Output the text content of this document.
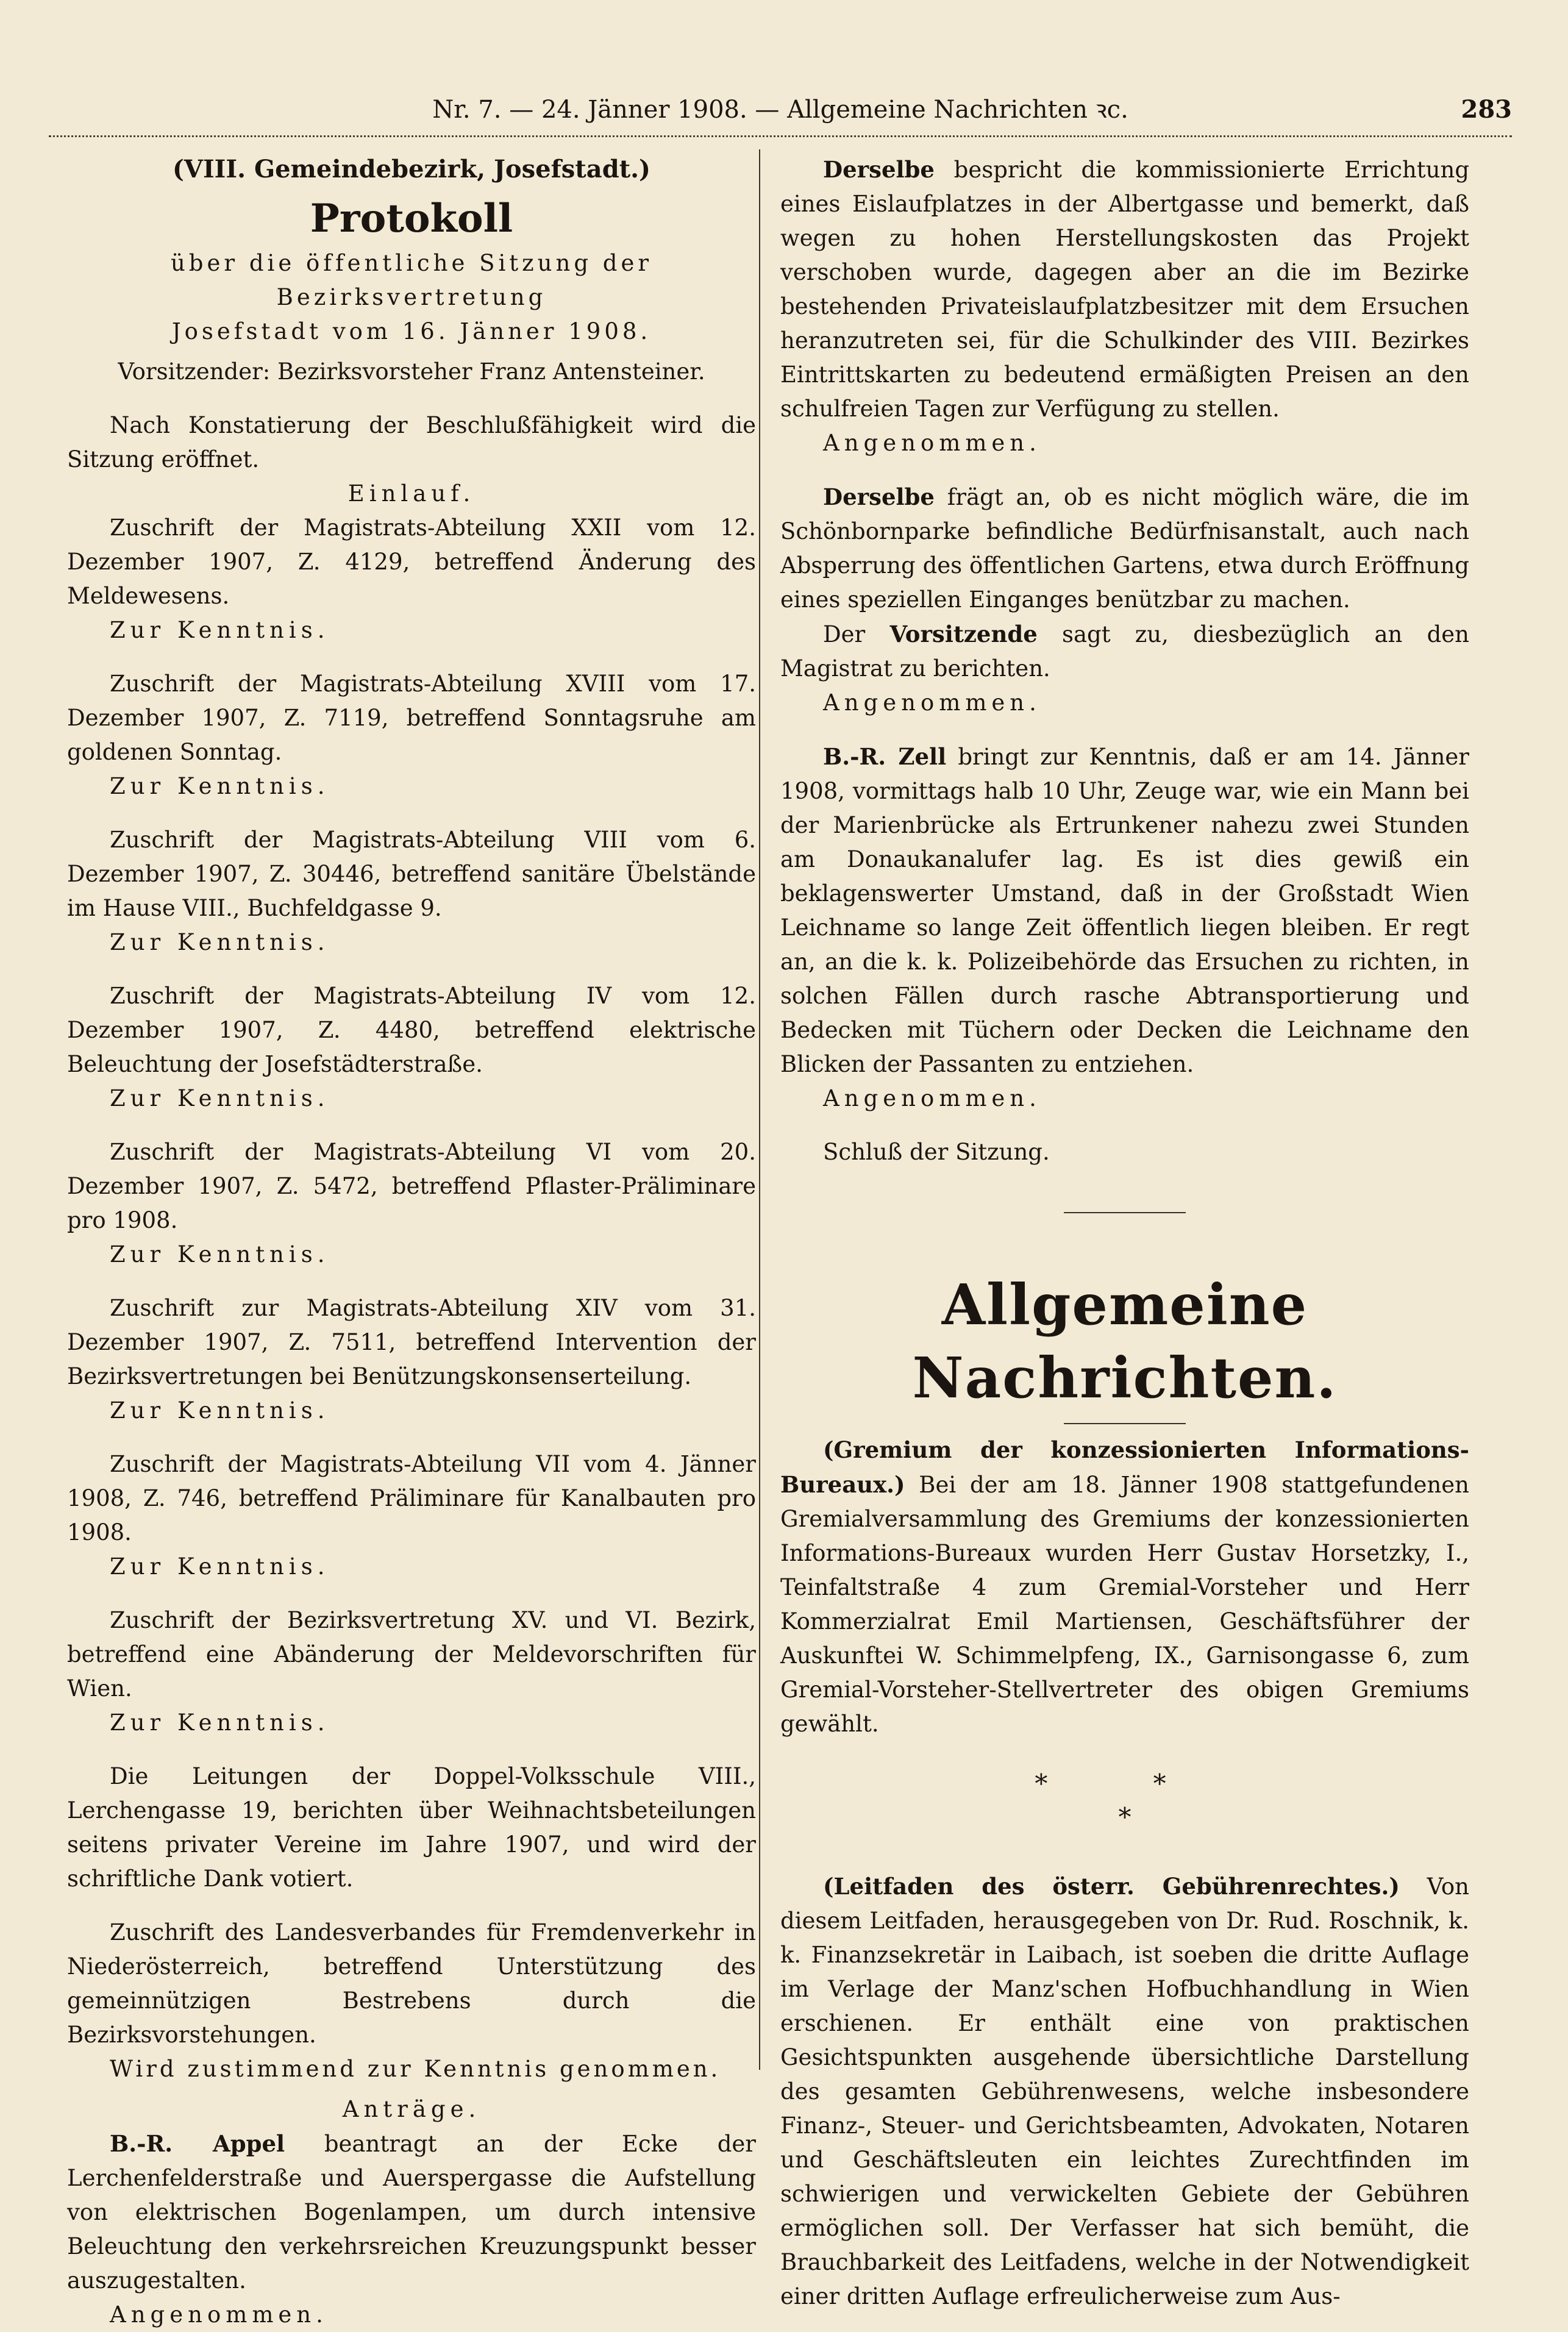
Nr. 7. — 24. Jänner 1908. — Allgemeine Nachrichten ꝛc.	283

(VIII. Gemeindebezirk, Josefstadt.)

Protokoll

über die öffentliche Sitzung der Bezirksvertretung

Josefstadt vom 16. Jänner 1908.

Vorsitzender: Bezirksvorsteher Franz Antensteiner.

Nach Konstatierung der Beschlußfähigkeit wird die Sitzung eröffnet.

Einlauf.

Zuschrift der Magistrats-Abteilung XXII vom 12. Dezember 1907, Z. 4129, betreffend Änderung des Meldewesens.

Zur Kenntnis.

Zuschrift der Magistrats-Abteilung XVIII vom 17. Dezember 1907, Z. 7119, betreffend Sonntagsruhe am goldenen Sonntag.

Zur Kenntnis.

Zuschrift der Magistrats-Abteilung VIII vom 6. Dezember 1907, Z. 30446, betreffend sanitäre Übelstände im Hause VIII., Buchfeldgasse 9.

Zur Kenntnis.

Zuschrift der Magistrats-Abteilung IV vom 12. Dezember 1907, Z. 4480, betreffend elektrische Beleuchtung der Josefstädterstraße.

Zur Kenntnis.

Zuschrift der Magistrats-Abteilung VI vom 20. Dezember 1907, Z. 5472, betreffend Pflaster-Präliminare pro 1908.

Zur Kenntnis.

Zuschrift zur Magistrats-Abteilung XIV vom 31. Dezember 1907, Z. 7511, betreffend Intervention der Bezirksvertretungen bei Benützungskonsenserteilung.

Zur Kenntnis.

Zuschrift der Magistrats-Abteilung VII vom 4. Jänner 1908, Z. 746, betreffend Präliminare für Kanalbauten pro 1908.

Zur Kenntnis.

Zuschrift der Bezirksvertretung XV. und VI. Bezirk, betreffend eine Abänderung der Meldevorschriften für Wien.

Zur Kenntnis.

Die Leitungen der Doppel-Volksschule VIII., Lerchengasse 19, berichten über Weihnachtsbeteilungen seitens privater Vereine im Jahre 1907, und wird der schriftliche Dank votiert.

Zuschrift des Landesverbandes für Fremdenverkehr in Niederösterreich, betreffend Unterstützung des gemeinnützigen Bestrebens durch die Bezirksvorstehungen.

Wird zustimmend zur Kenntnis genommen.

Anträge.

B.-R. Appel beantragt an der Ecke der Lerchenfelderstraße und Auerspergasse die Aufstellung von elektrischen Bogenlampen, um durch intensive Beleuchtung den verkehrsreichen Kreuzungspunkt besser auszugestalten.

Angenommen.

Derselbe bespricht die kommissionierte Errichtung eines Eislaufplatzes in der Albertgasse und bemerkt, daß wegen zu hohen Herstellungskosten das Projekt verschoben wurde, dagegen aber an die im Bezirke bestehenden Privateislaufplatzbesitzer mit dem Ersuchen heranzutreten sei, für die Schulkinder des VIII. Bezirkes Eintrittskarten zu bedeutend ermäßigten Preisen an den schulfreien Tagen zur Verfügung zu stellen.

Angenommen.

Derselbe frägt an, ob es nicht möglich wäre, die im Schönbornparke befindliche Bedürfnisanstalt, auch nach Absperrung des öffentlichen Gartens, etwa durch Eröffnung eines speziellen Einganges benützbar zu machen.

Der Vorsitzende sagt zu, diesbezüglich an den Magistrat zu berichten.

Angenommen.

B.-R. Zell bringt zur Kenntnis, daß er am 14. Jänner 1908, vormittags halb 10 Uhr, Zeuge war, wie ein Mann bei der Marienbrücke als Ertrunkener nahezu zwei Stunden am Donaukanalufer lag. Es ist dies gewiß ein beklagenswerter Umstand, daß in der Großstadt Wien Leichname so lange Zeit öffentlich liegen bleiben. Er regt an, an die k. k. Polizeibehörde das Ersuchen zu richten, in solchen Fällen durch rasche Abtransportierung und Bedecken mit Tüchern oder Decken die Leichname den Blicken der Passanten zu entziehen.

Angenommen.

Schluß der Sitzung.

Allgemeine Nachrichten.

(Gremium der konzessionierten Informations-Bureaux.) Bei der am 18. Jänner 1908 stattgefundenen Gremialversammlung des Gremiums der konzessionierten Informations-Bureaux wurden Herr Gustav Horsetzky, I., Teinfaltstraße 4 zum Gremial-Vorsteher und Herr Kommerzialrat Emil Martiensen, Geschäftsführer der Auskunftei W. Schimmelpfeng, IX., Garnisongasse 6, zum Gremial-Vorsteher-Stellvertreter des obigen Gremiums gewählt.

* *

*

(Leitfaden des österr. Gebührenrechtes.) Von diesem Leitfaden, herausgegeben von Dr. Rud. Roschnik, k. k. Finanzsekretär in Laibach, ist soeben die dritte Auflage im Verlage der Manz'schen Hofbuchhandlung in Wien erschienen. Er enthält eine von praktischen Gesichtspunkten ausgehende übersichtliche Darstellung des gesamten Gebührenwesens, welche insbesondere Finanz-, Steuer- und Gerichtsbeamten, Advokaten, Notaren und Geschäftsleuten ein leichtes Zurechtfinden im schwierigen und verwickelten Gebiete der Gebühren ermöglichen soll. Der Verfasser hat sich bemüht, die Brauchbarkeit des Leitfadens, welche in der Notwendigkeit einer dritten Auflage erfreulicherweise zum Aus-
